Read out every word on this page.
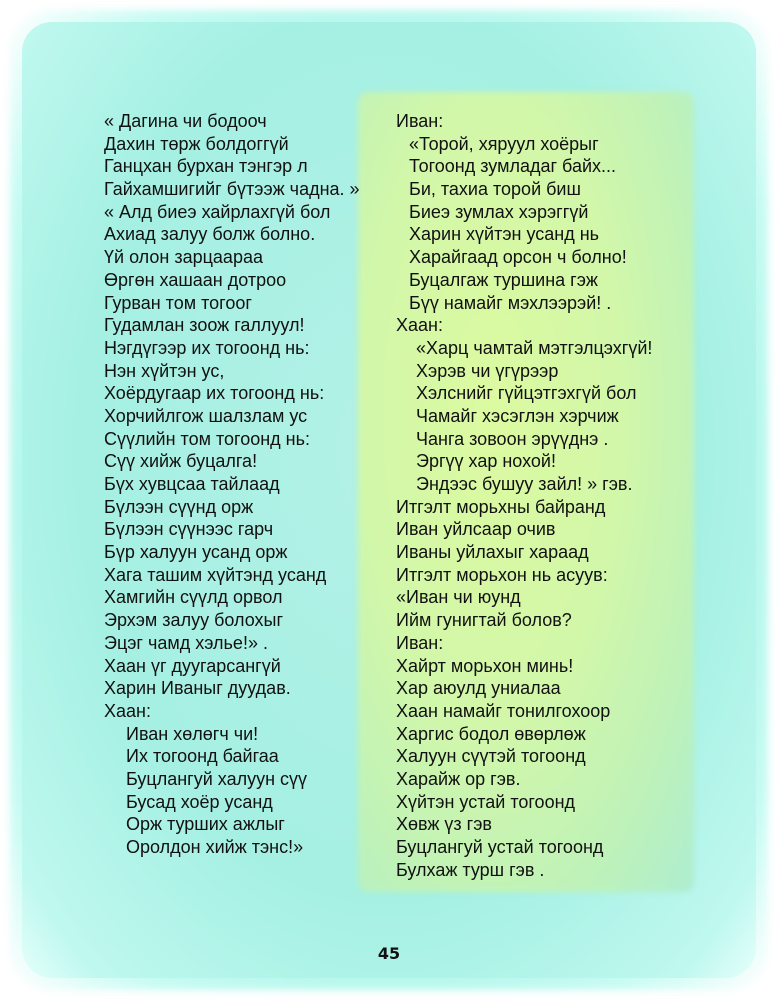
« Дагина чи бодооч
Дахин төрж болдоггүй
Ганцхан бурхан тэнгэр л
Гайхамшигийг бүтээж чадна. »
« Алд биеэ хайрлахгүй бол
Ахиад залуу болж болно.
Үй олон зарцаараа
Өргөн хашаан дотроо
Гурван том тогоог
Гудамлан зоож галлуул!
Нэгдүгээр их тогоонд нь:
Нэн хүйтэн ус,
Хоёрдугаар их тогоонд нь:
Хорчийлгож шалзлам ус
Сүүлийн том тогоонд нь:
Сүү хийж буцалга!
Бүх хувцсаа тайлаад
Бүлээн сүүнд орж
Бүлээн сүүнээс гарч
Бүр халуун усанд орж
Хага ташим хүйтэнд усанд
Хамгийн сүүлд орвол
Эрхэм залуу болохыг
Эцэг чамд хэлье!» .
Хаан үг дуугарсангүй
Харин Иваныг дуудав.
Хаан:
Иван хөлөгч чи!
Их тогоонд байгаа
Буцлангуй халуун сүү
Бусад хоёр усанд
Орж турших ажлыг
Оролдон хийж тэнс!»
Иван:
«Торой, хяруул хоёрыг
Тогоонд зумладаг байх...
Би, тахиа торой биш
Биеэ зумлах хэрэггүй
Харин хүйтэн усанд нь
Харайгаад орсон ч болно!
Буцалгаж туршина гэж
Бүү намайг мэхлээрэй! .
Хаан:
«Харц чамтай мэтгэлцэхгүй!
Хэрэв чи үгүрээр
Хэлснийг гүйцэтгэхгүй бол
Чамайг хэсэглэн хэрчиж
Чанга зовоон эрүүднэ .
Эргүү хар нохой!
Эндээс бушуу зайл! » гэв.
Итгэлт морьхны байранд
Иван уйлсаар очив
Иваны уйлахыг хараад
Итгэлт морьхон нь асуув:
«Иван чи юунд
Ийм гунигтай болов?
Иван:
Хайрт морьхон минь!
Хар аюулд униалаа
Хаан намайг тонилгохоор
Харгис бодол өвөрлөж
Халуун сүүтэй тогоонд
Харайж ор гэв.
Хүйтэн устай тогоонд
Хөвж үз гэв
Буцлангуй устай тогоонд
Булхаж турш гэв .
45
